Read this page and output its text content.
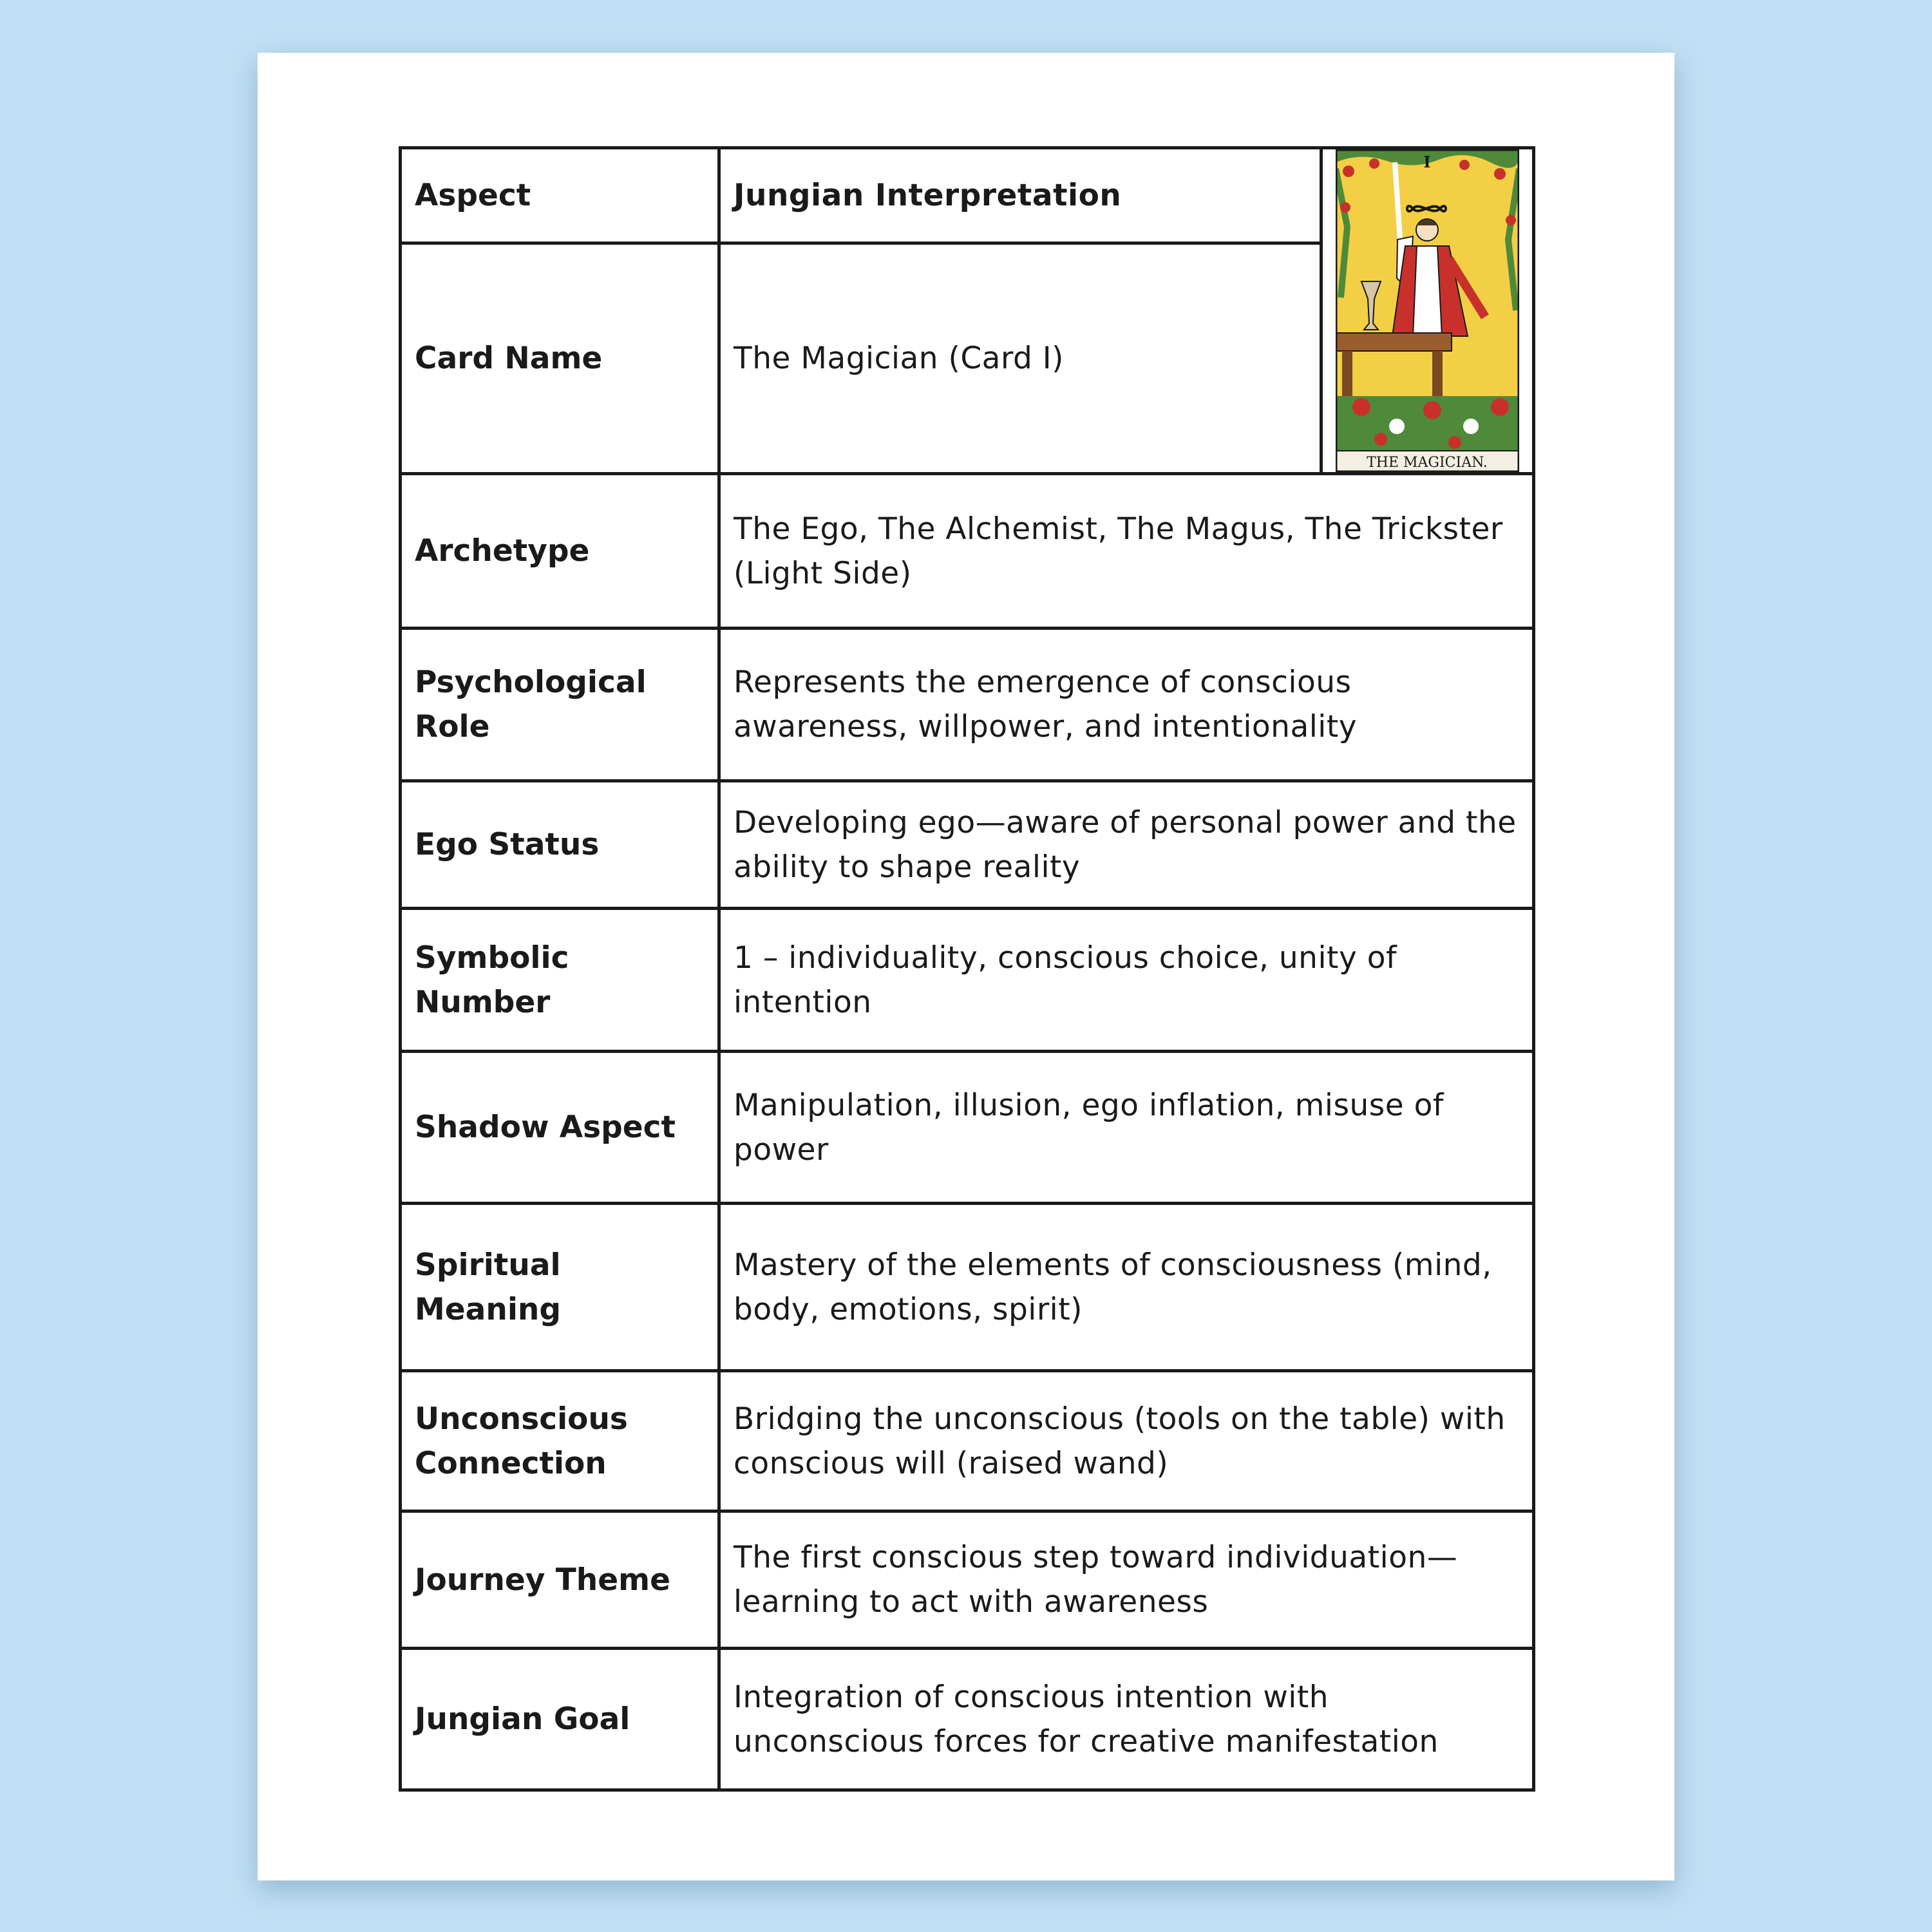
Aspect	Jungian Interpretation	I
THE MAGICIAN.

Card Name	The Magician (Card I)	
Archetype	The Ego, The Alchemist, The Magus, The Trickster (Light Side)	
Psychological Role	Represents the emergence of conscious awareness, willpower, and intentionality	
Ego Status	Developing ego—aware of personal power and the ability to shape reality	
Symbolic Number	1 – individuality, conscious choice, unity of intention	
Shadow Aspect	Manipulation, illusion, ego inflation, misuse of power	
Spiritual Meaning	Mastery of the elements of consciousness (mind, body, emotions, spirit)	
Unconscious Connection	Bridging the unconscious (tools on the table) with conscious will (raised wand)	
Journey Theme	The first conscious step toward individuation—learning to act with awareness	
Jungian Goal	Integration of conscious intention with unconscious forces for creative manifestation	
